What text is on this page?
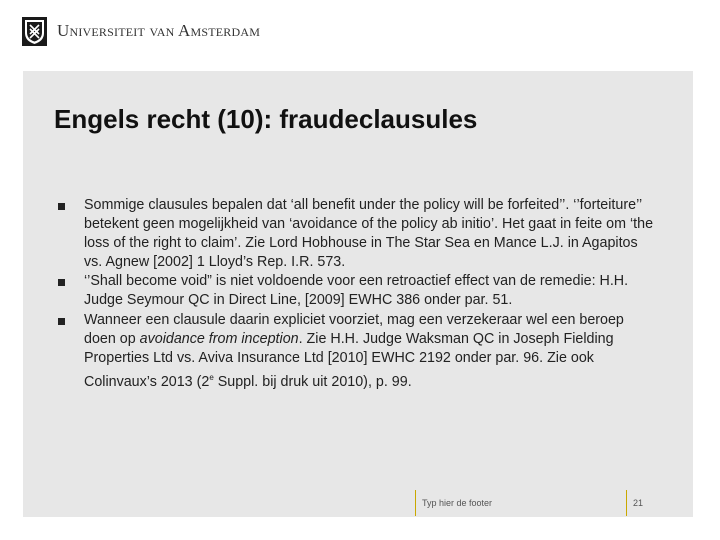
Universiteit van Amsterdam
Engels recht (10): fraudeclausules
Sommige clausules bepalen dat ‘all benefit under the policy will be forfeited’’. ‘’forteiture’’ betekent geen mogelijkheid van ‘avoidance of the policy ab initio’. Het gaat in feite om ‘the loss of the right to claim’. Zie Lord Hobhouse in The Star Sea en Mance L.J. in Agapitos vs. Agnew [2002] 1 Lloyd’s Rep. I.R. 573.
‘’Shall become void” is niet voldoende voor een retroactief effect van de remedie: H.H. Judge Seymour QC in Direct Line, [2009] EWHC 386 onder par. 51.
Wanneer een clausule daarin expliciet voorziet, mag een verzekeraar wel een beroep doen op avoidance from inception. Zie H.H. Judge Waksman QC in Joseph Fielding Properties Ltd vs. Aviva Insurance Ltd [2010] EWHC 2192 onder par. 96. Zie ook Colinvaux’s 2013 (2e Suppl. bij druk uit 2010), p. 99.
Typ hier de footer	21
